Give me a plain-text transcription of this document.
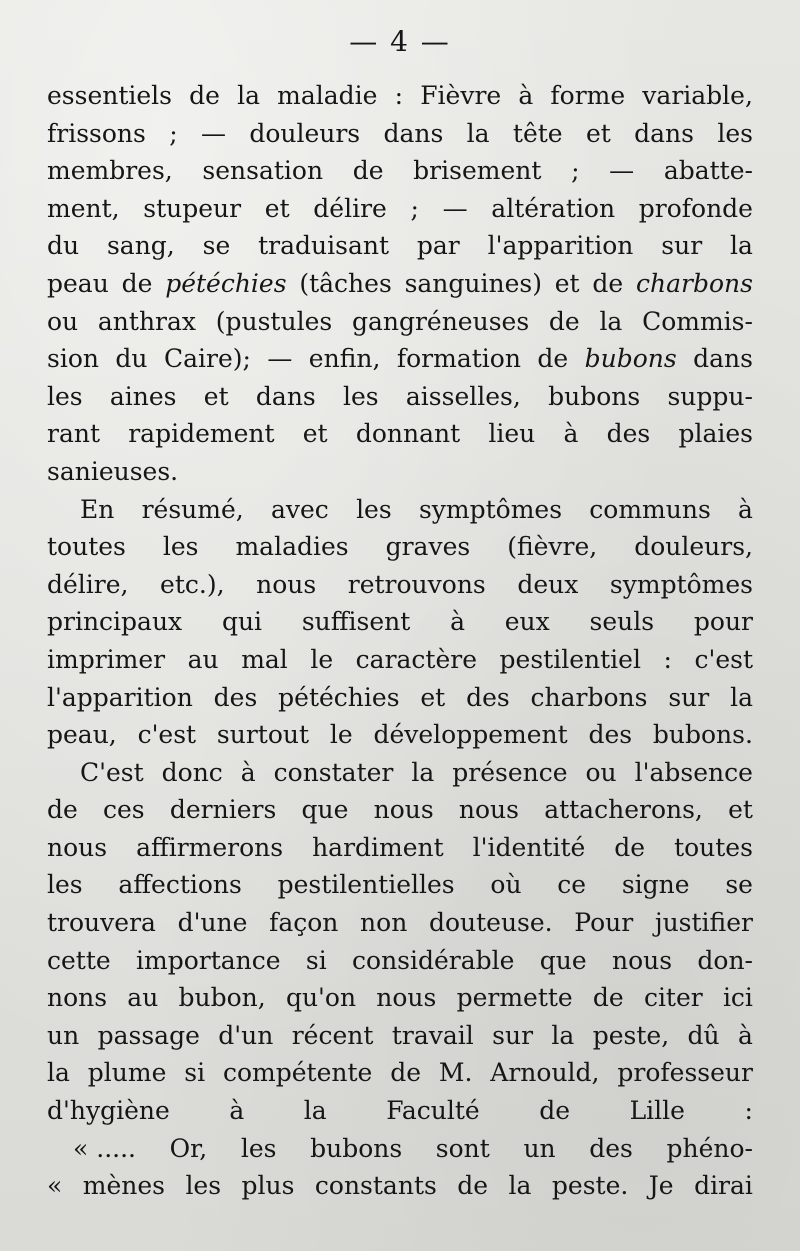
— 4 —
essentiels de la maladie : Fièvre à forme variable,
frissons ; — douleurs dans la tête et dans les
membres, sensation de brisement ; — abatte-
ment, stupeur et délire ; — altération profonde
du sang, se traduisant par l'apparition sur la
peau de pétéchies (tâches sanguines) et de charbons
ou anthrax (pustules gangréneuses de la Commis-
sion du Caire); — enfin, formation de bubons dans
les aines et dans les aisselles, bubons suppu-
rant rapidement et donnant lieu à des plaies
sanieuses.
En résumé, avec les symptômes communs à
toutes les maladies graves (fièvre, douleurs,
délire, etc.), nous retrouvons deux symptômes
principaux qui suffisent à eux seuls pour
imprimer au mal le caractère pestilentiel : c'est
l'apparition des pétéchies et des charbons sur la
peau, c'est surtout le développement des bubons.
C'est donc à constater la présence ou l'absence
de ces derniers que nous nous attacherons, et
nous affirmerons hardiment l'identité de toutes
les affections pestilentielles où ce signe se
trouvera d'une façon non douteuse. Pour justifier
cette importance si considérable que nous don-
nons au bubon, qu'on nous permette de citer ici
un passage d'un récent travail sur la peste, dû à
la plume si compétente de M. Arnould, professeur
d'hygiène à la Faculté de Lille :
« ..... Or, les bubons sont un des phéno-
« mènes les plus constants de la peste. Je dirai
